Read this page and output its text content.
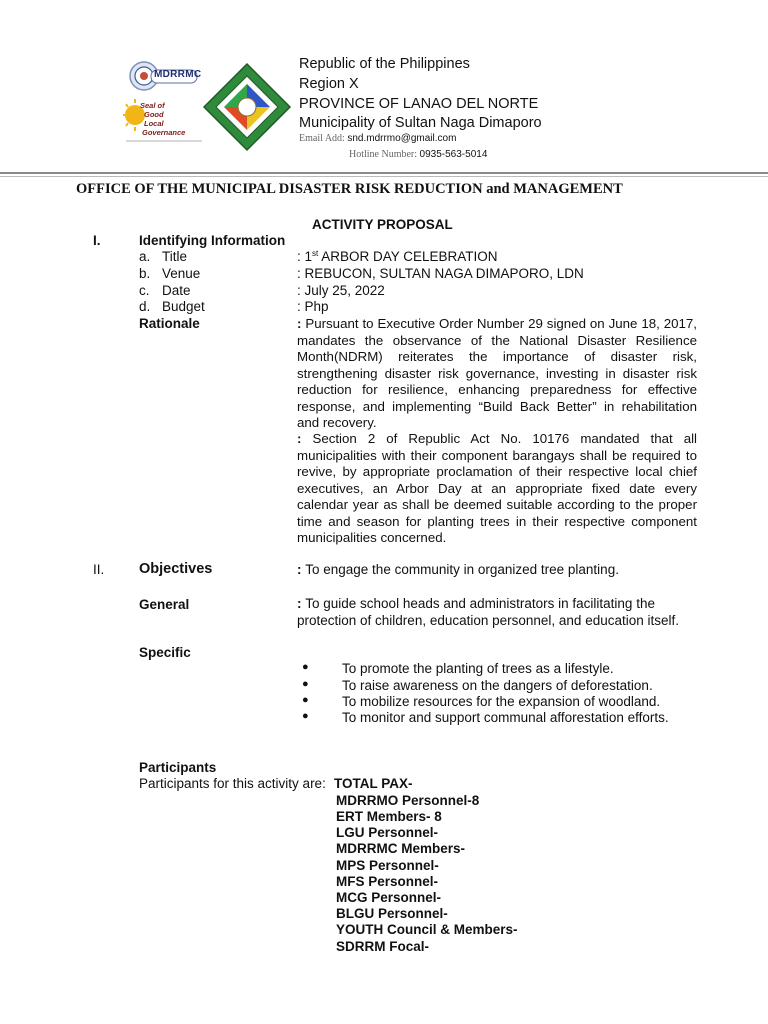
MDRRMC
Seal of
Good
Local
Governance
Republic of the Philippines
Region X
PROVINCE OF LANAO DEL NORTE
Municipality of Sultan Naga Dimaporo
Email Add: snd.mdrrmo@gmail.com
Hotline Number: 0935-563-5014
OFFICE OF THE MUNICIPAL DISASTER RISK REDUCTION and MANAGEMENT
ACTIVITY PROPOSAL
I.	Identifying Information
a. Title	: 1st ARBOR DAY CELEBRATION
b. Venue	: REBUCON, SULTAN NAGA DIMAPORO, LDN
c. Date	: July 25, 2022
d. Budget	: Php
Rationale	: Pursuant to Executive Order Number 29 signed on June 18, 2017, mandates the observance of the National Disaster Resilience Month(NDRM) reiterates the importance of disaster risk, strengthening disaster risk governance, investing in disaster risk reduction for resilience, enhancing preparedness for effective response, and implementing “Build Back Better” in rehabilitation and recovery.
: Section 2 of Republic Act No. 10176 mandated that all municipalities with their component barangays shall be required to revive, by appropriate proclamation of their respective local chief executives, an Arbor Day at an appropriate fixed date every calendar year as shall be deemed suitable according to the proper time and season for planting trees in their respective component municipalities concerned.
II. Objectives	: To engage the community in organized tree planting.
General	: To guide school heads and administrators in facilitating the protection of children, education personnel, and education itself.
Specific
● To promote the planting of trees as a lifestyle.
● To raise awareness on the dangers of deforestation.
● To mobilize resources for the expansion of woodland.
● To monitor and support communal afforestation efforts.
Participants
Participants for this activity are: TOTAL PAX-
MDRRMO Personnel-8
ERT Members- 8
LGU Personnel-
MDRRMC Members-
MPS Personnel-
MFS Personnel-
MCG Personnel-
BLGU Personnel-
YOUTH Council & Members-
SDRRM Focal-
